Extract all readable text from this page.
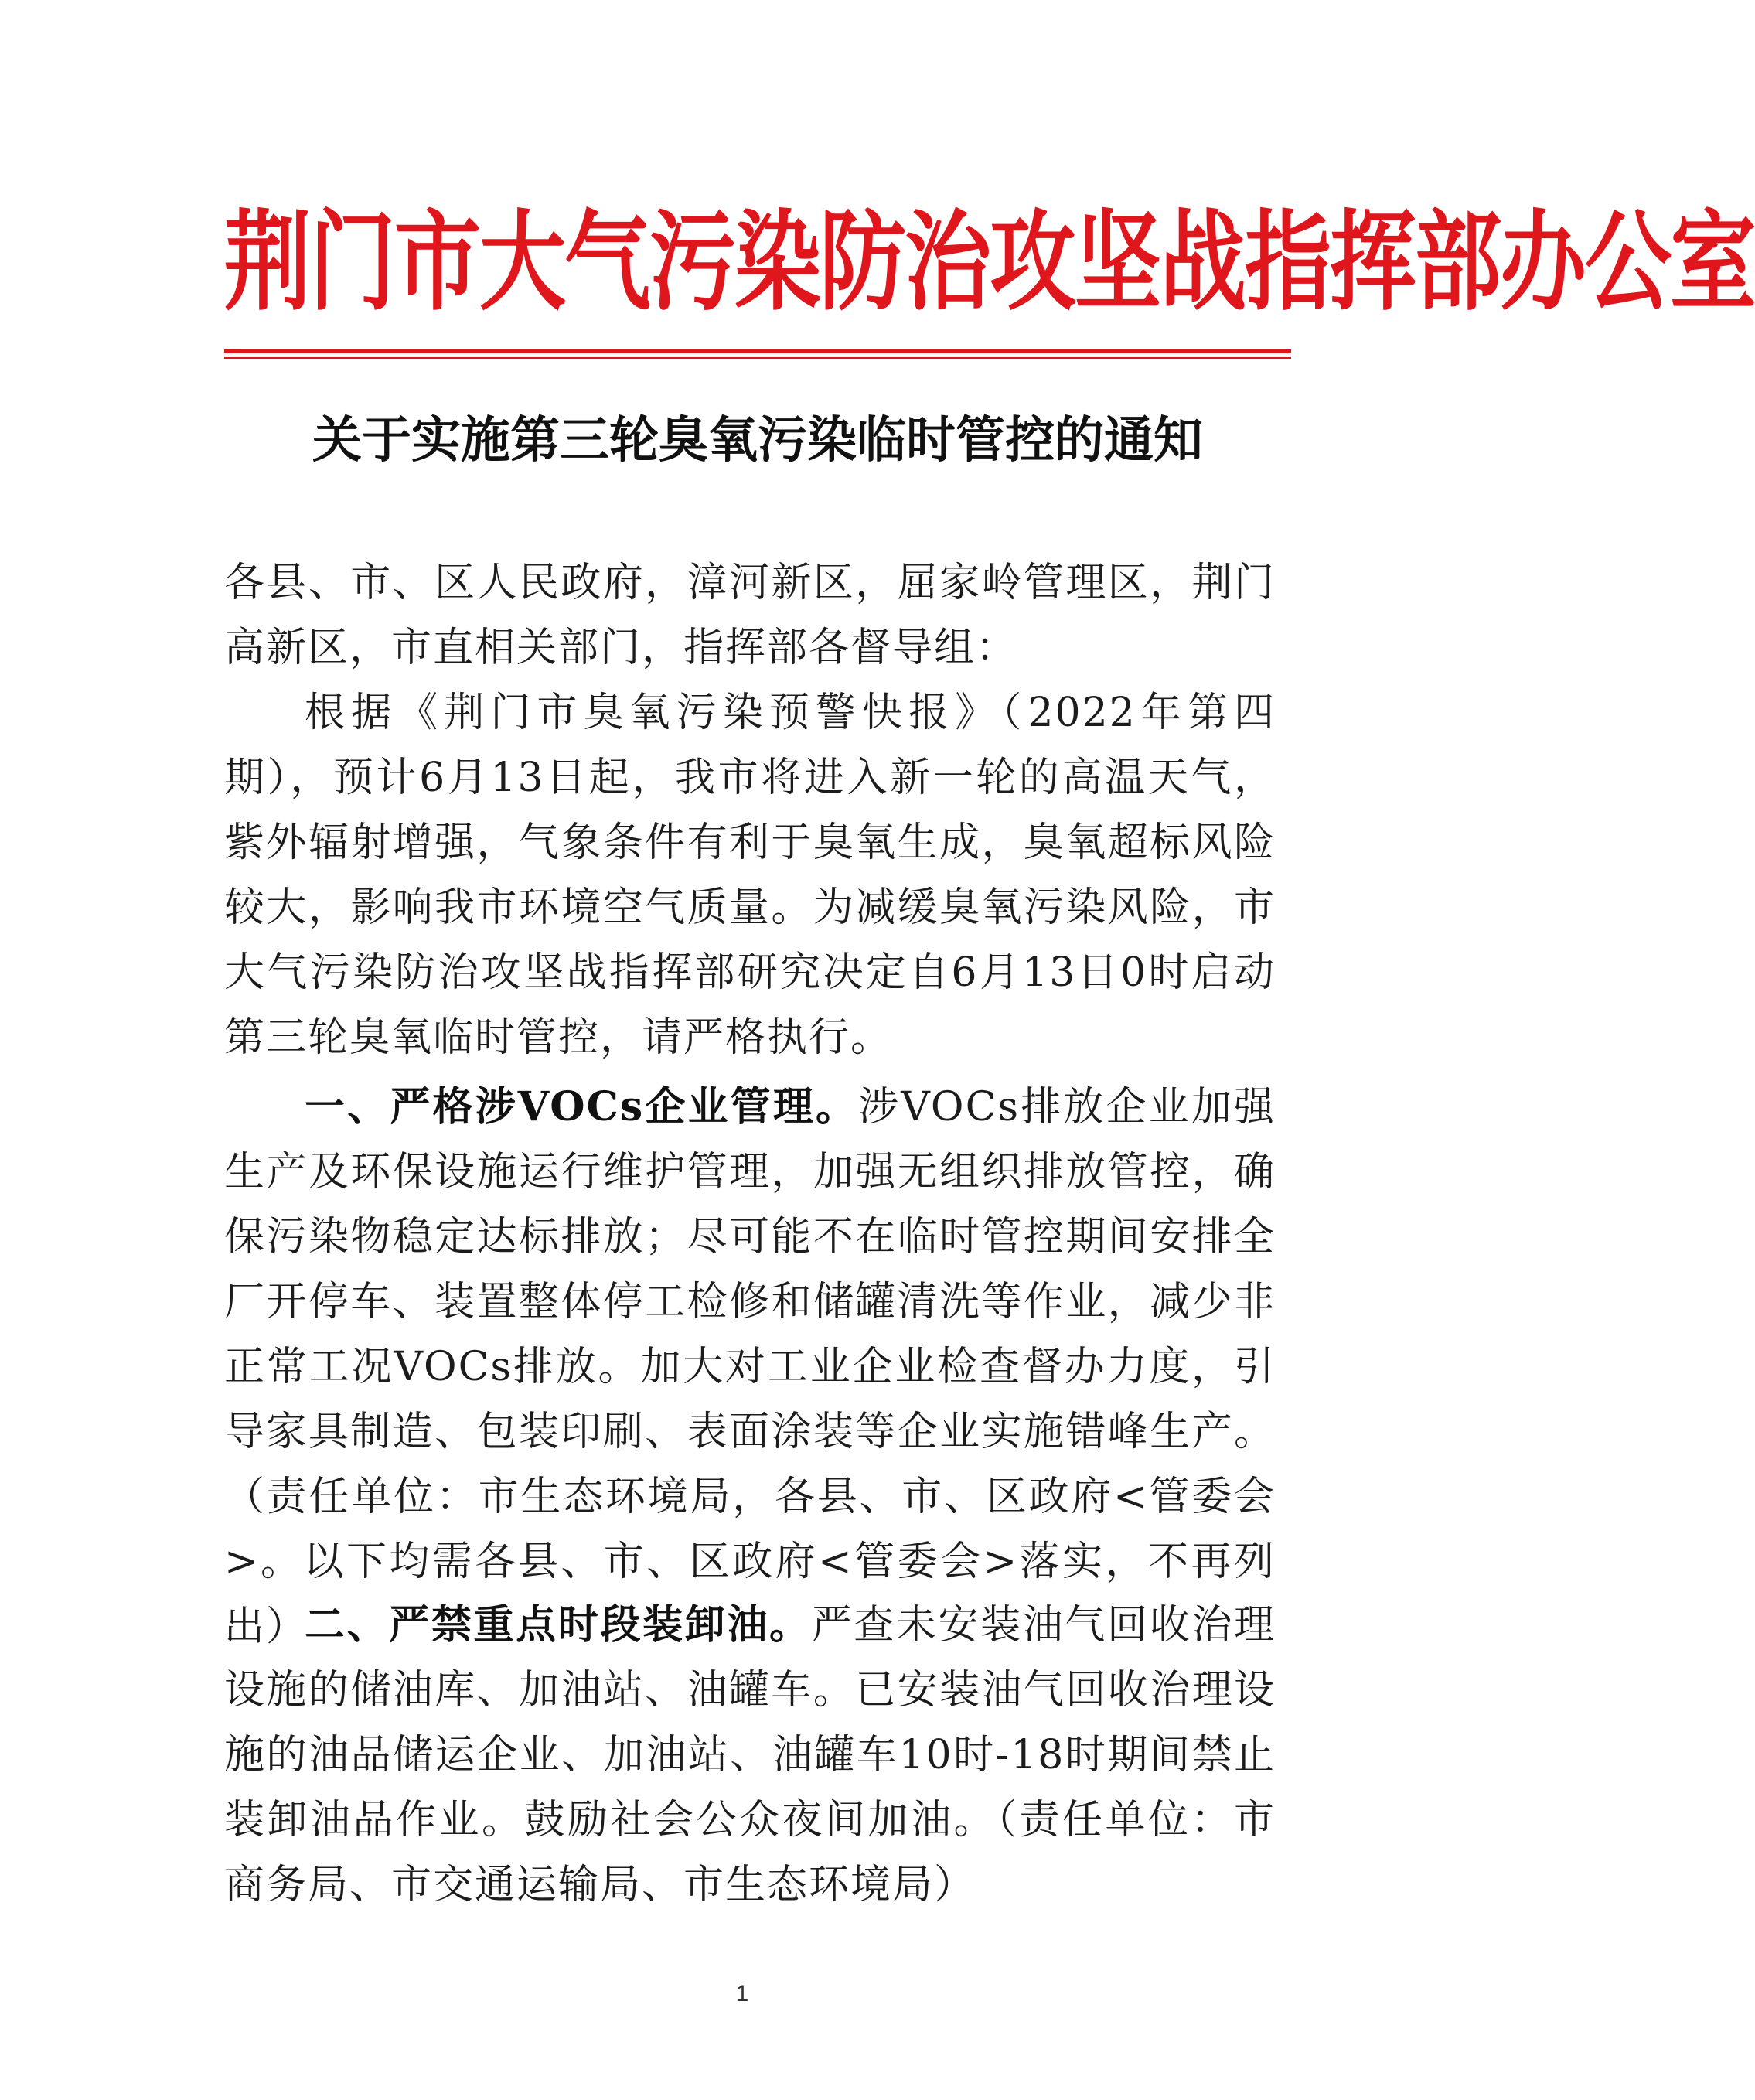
荆门市大气污染防治攻坚战指挥部办公室
关于实施第三轮臭氧污染临时管控的通知
各县、市、区人民政府，漳河新区，屈家岭管理区，荆门高新区，市直相关部门，指挥部各督导组：
根据《荆门市臭氧污染预警快报》（2022年第四期），预计6月13日起，我市将进入新一轮的高温天气，紫外辐射增强，气象条件有利于臭氧生成，臭氧超标风险较大，影响我市环境空气质量。为减缓臭氧污染风险，市大气污染防治攻坚战指挥部研究决定自6月13日0时启动第三轮臭氧临时管控，请严格执行。
一、严格涉VOCs企业管理。涉VOCs排放企业加强生产及环保设施运行维护管理，加强无组织排放管控，确保污染物稳定达标排放；尽可能不在临时管控期间安排全厂开停车、装置整体停工检修和储罐清洗等作业，减少非正常工况VOCs排放。加大对工业企业检查督办力度，引导家具制造、包装印刷、表面涂装等企业实施错峰生产。（责任单位：市生态环境局，各县、市、区政府<管委会>。以下均需各县、市、区政府<管委会>落实，不再列出）
二、严禁重点时段装卸油。严查未安装油气回收治理设施的储油库、加油站、油罐车。已安装油气回收治理设施的油品储运企业、加油站、油罐车10时-18时期间禁止装卸油品作业。鼓励社会公众夜间加油。（责任单位：市商务局、市交通运输局、市生态环境局）
1
